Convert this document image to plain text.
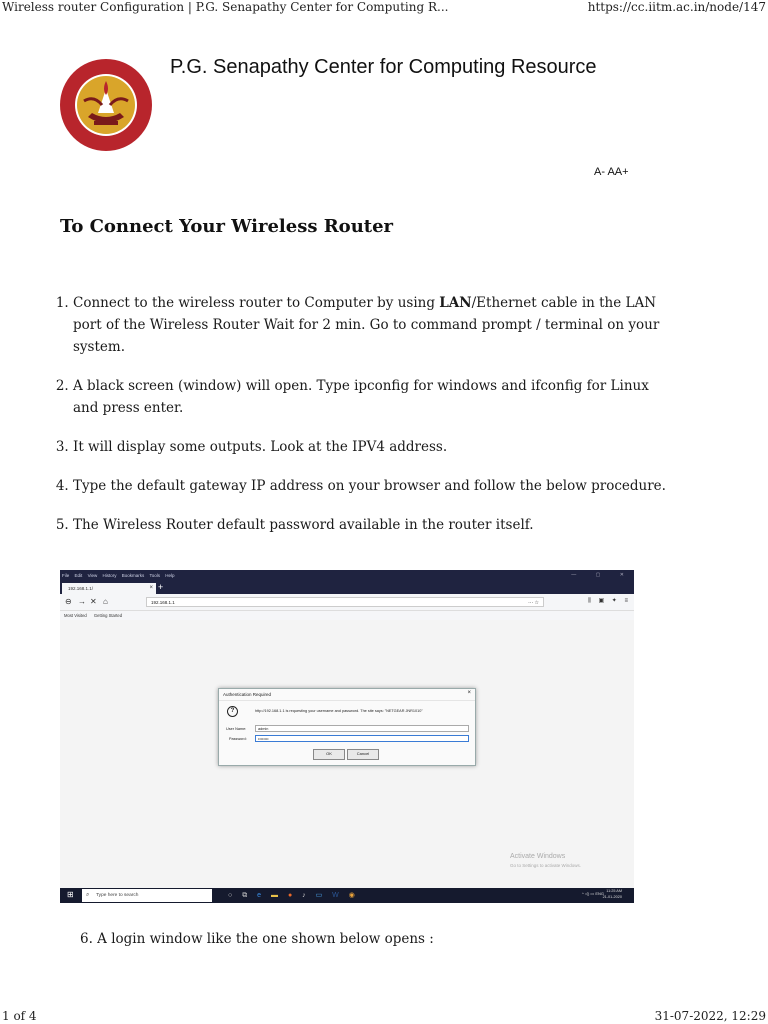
Wireless router Configuration | P.G. Senapathy Center for Computing R...	https://cc.iitm.ac.in/node/147
P.G. Senapathy Center for Computing Resource
A- AA+
To Connect Your Wireless Router
1. Connect to the wireless router to Computer by using LAN/Ethernet cable in the LAN port of the Wireless Router Wait for 2 min. Go to command prompt / terminal on your system.
2. A black screen (window) will open. Type ipconfig for windows and ifconfig for Linux and press enter.
3. It will display some outputs. Look at the IPV4 address.
4. Type the default gateway IP address on your browser and follow the below procedure.
5. The Wireless Router default password available in the router itself.
File Edit View History Bookmarks Tools Help	—	▢	✕
192.168.1.1/	× +
⊖ → ✕ ⌂	192.168.1.1	··· ☆	⫼ ▣ ✦ ≡
Most Visited Getting Started
Authentication Required	×
?	http://192.168.1.1 is requesting your username and password. The site says: "NETGEAR JNR1010"
User Name:	admin
Password:	••••••••
OK	Cancel
Activate Windows
Go to Settings to activate Windows.
⊞ ⌕ Type here to search	○ ⧉ e ▬ ● ♪ ▭ W ◉	^ ◁) ▭ ENG 11:25 AM
21-01-2020

6. A login window like the one shown below opens :

1 of 4	31-07-2022, 12:29
